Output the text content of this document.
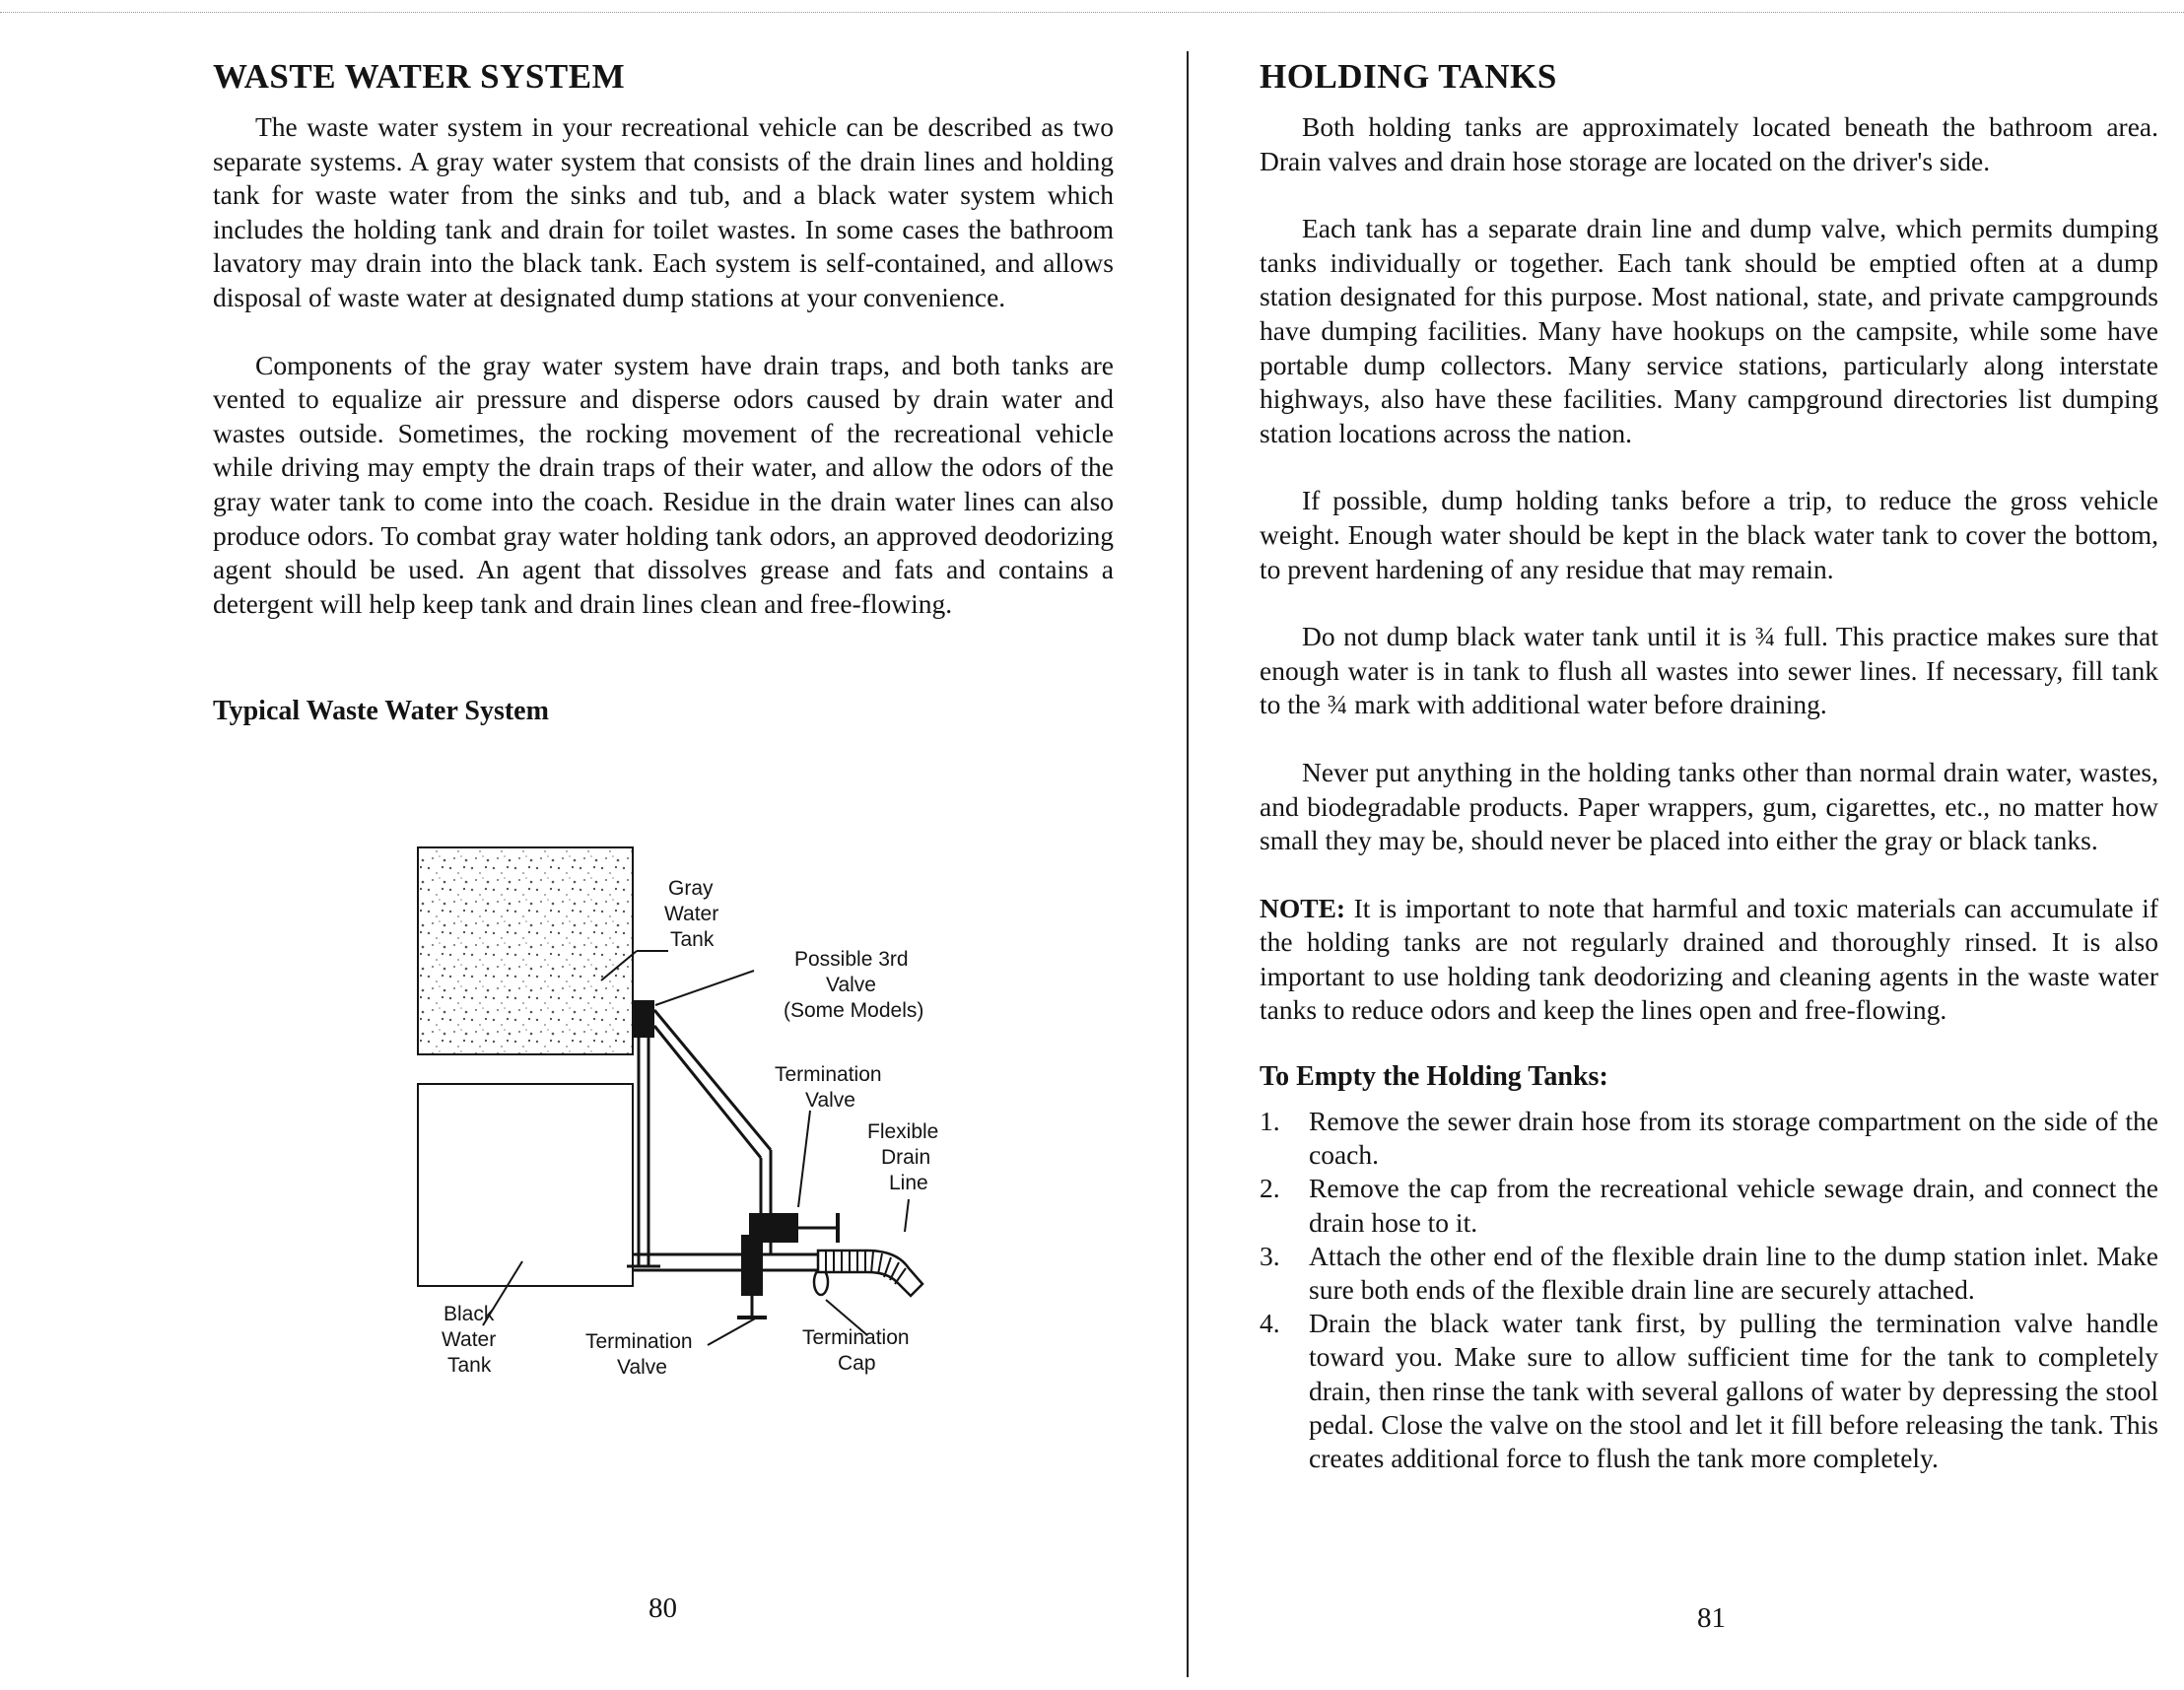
WASTE WATER SYSTEM
The waste water system in your recreational vehicle can be described as two separate systems. A gray water system that consists of the drain lines and holding tank for waste water from the sinks and tub, and a black water system which includes the holding tank and drain for toilet wastes. In some cases the bathroom lavatory may drain into the black tank. Each system is self-contained, and allows disposal of waste water at designated dump stations at your convenience.
Components of the gray water system have drain traps, and both tanks are vented to equalize air pressure and disperse odors caused by drain water and wastes outside. Sometimes, the rocking movement of the recreational vehicle while driving may empty the drain traps of their water, and allow the odors of the gray water tank to come into the coach. Residue in the drain water lines can also produce odors. To combat gray water holding tank odors, an approved deodorizing agent should be used. An agent that dissolves grease and fats and contains a detergent will help keep tank and drain lines clean and free-flowing.
Typical Waste Water System
Gray
Water
Tank
Possible 3rd
Valve
(Some Models)
Termination
Valve
Flexible
Drain
Line
Black
Water
Tank
Termination
Valve
Termination
Cap
80
HOLDING TANKS
Both holding tanks are approximately located beneath the bathroom area. Drain valves and drain hose storage are located on the driver's side.
Each tank has a separate drain line and dump valve, which permits dumping tanks individually or together. Each tank should be emptied often at a dump station designated for this purpose. Most national, state, and private campgrounds have dumping facilities. Many have hookups on the campsite, while some have portable dump collectors. Many service stations, particularly along interstate highways, also have these facilities. Many campground directories list dumping station locations across the nation.
If possible, dump holding tanks before a trip, to reduce the gross vehicle weight. Enough water should be kept in the black water tank to cover the bottom, to prevent hardening of any residue that may remain.
Do not dump black water tank until it is ¾ full. This practice makes sure that enough water is in tank to flush all wastes into sewer lines. If necessary, fill tank to the ¾ mark with additional water before draining.
Never put anything in the holding tanks other than normal drain water, wastes, and biodegradable products. Paper wrappers, gum, cigarettes, etc., no matter how small they may be, should never be placed into either the gray or black tanks.
NOTE: It is important to note that harmful and toxic materials can accumulate if the holding tanks are not regularly drained and thoroughly rinsed. It is also important to use holding tank deodorizing and cleaning agents in the waste water tanks to reduce odors and keep the lines open and free-flowing.
To Empty the Holding Tanks:
1. Remove the sewer drain hose from its storage compartment on the side of the coach.
2. Remove the cap from the recreational vehicle sewage drain, and connect the drain hose to it.
3. Attach the other end of the flexible drain line to the dump station inlet. Make sure both ends of the flexible drain line are securely attached.
4. Drain the black water tank first, by pulling the termination valve handle toward you. Make sure to allow sufficient time for the tank to completely drain, then rinse the tank with several gallons of water by depressing the stool pedal. Close the valve on the stool and let it fill before releasing the tank. This creates additional force to flush the tank more completely.
81
